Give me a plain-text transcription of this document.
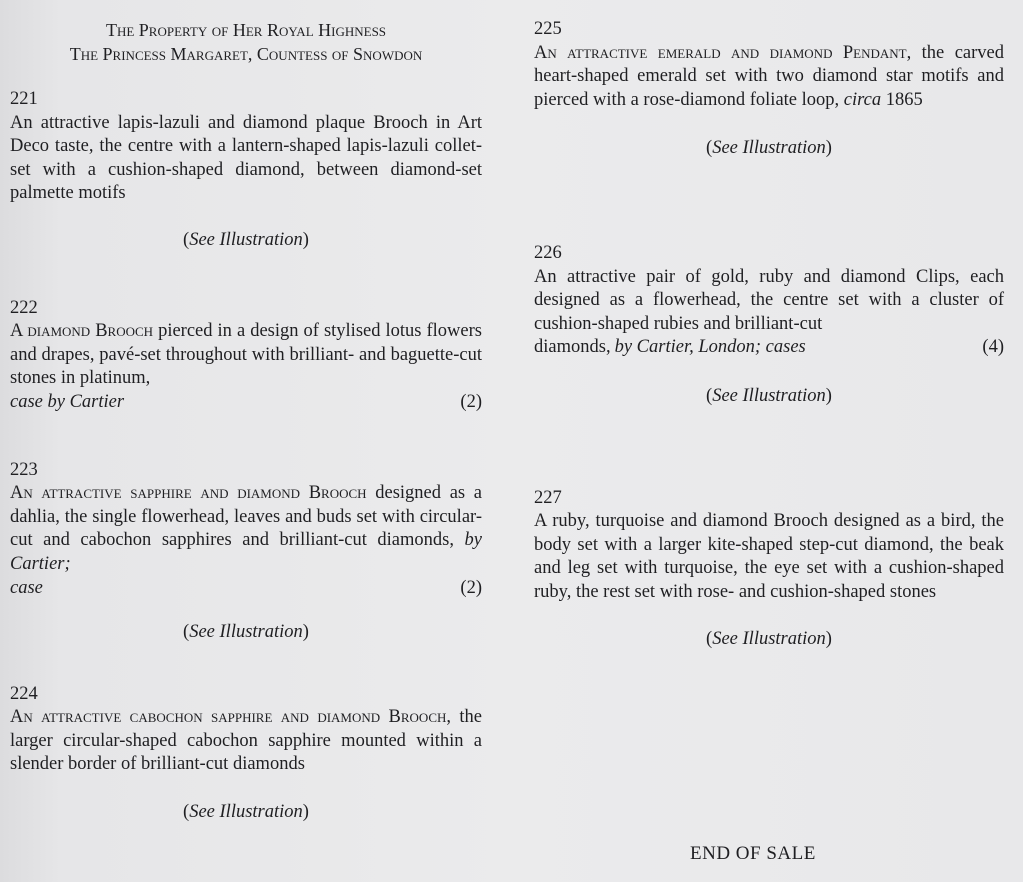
The Property of Her Royal Highness
The Princess Margaret, Countess of Snowdon
221
An attractive lapis-lazuli and diamond plaque Brooch in Art Deco taste, the centre with a lantern-shaped lapis-lazuli collet-set with a cushion-shaped diamond, between diamond-set palmette motifs
(See Illustration)
222
A diamond Brooch pierced in a design of stylised lotus flowers and drapes, pavé-set throughout with brilliant- and baguette-cut stones in platinum,
case by Cartier	(2)
223
An attractive sapphire and diamond Brooch designed as a dahlia, the single flowerhead, leaves and buds set with circular-cut and cabochon sapphires and brilliant-cut diamonds, by Cartier;
case	(2)
(See Illustration)
224
An attractive cabochon sapphire and diamond Brooch, the larger circular-shaped cabochon sapphire mounted within a slender border of brilliant-cut diamonds
(See Illustration)
225
An attractive emerald and diamond Pendant, the carved heart-shaped emerald set with two diamond star motifs and pierced with a rose-diamond foliate loop, circa 1865
(See Illustration)
226
An attractive pair of gold, ruby and diamond Clips, each designed as a flowerhead, the centre set with a cluster of cushion-shaped rubies and brilliant-cut
diamonds, by Cartier, London; cases	(4)
(See Illustration)
227
A ruby, turquoise and diamond Brooch designed as a bird, the body set with a larger kite-shaped step-cut diamond, the beak and leg set with turquoise, the eye set with a cushion-shaped ruby, the rest set with rose- and cushion-shaped stones
(See Illustration)
END OF SALE
